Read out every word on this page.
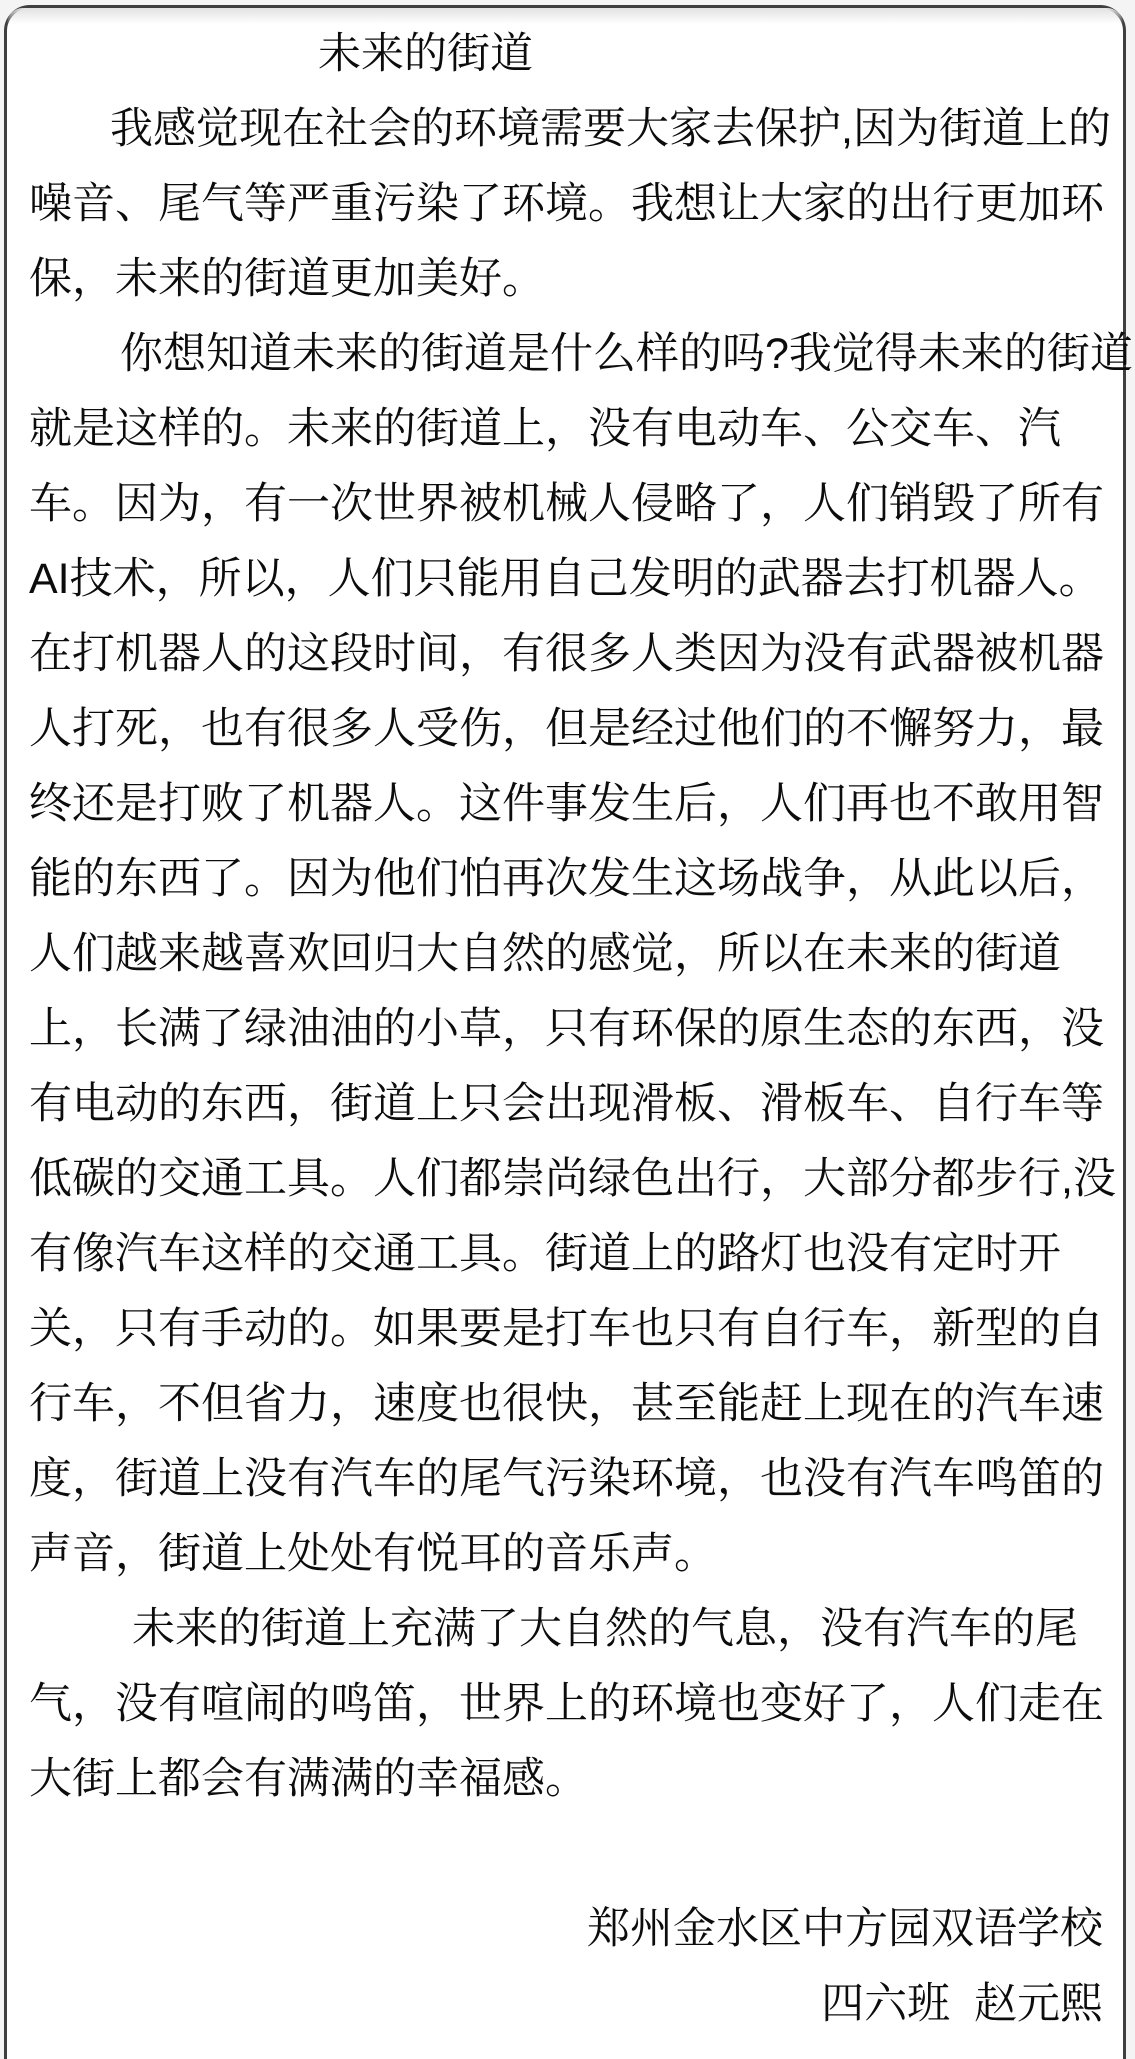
未来的街道
我感觉现在社会的环境需要大家去保护,因为街道上的
噪音、尾气等严重污染了环境。我想让大家的出行更加环
保，未来的街道更加美好。
你想知道未来的街道是什么样的吗?我觉得未来的街道
就是这样的。未来的街道上，没有电动车、公交车、汽
车。因为，有一次世界被机械人侵略了，人们销毁了所有
AI技术，所以，人们只能用自己发明的武器去打机器人。
在打机器人的这段时间，有很多人类因为没有武器被机器
人打死，也有很多人受伤，但是经过他们的不懈努力，最
终还是打败了机器人。这件事发生后，人们再也不敢用智
能的东西了。因为他们怕再次发生这场战争，从此以后，
人们越来越喜欢回归大自然的感觉，所以在未来的街道
上，长满了绿油油的小草，只有环保的原生态的东西，没
有电动的东西，街道上只会出现滑板、滑板车、自行车等
低碳的交通工具。人们都崇尚绿色出行，大部分都步行,没
有像汽车这样的交通工具。街道上的路灯也没有定时开
关，只有手动的。如果要是打车也只有自行车，新型的自
行车，不但省力，速度也很快，甚至能赶上现在的汽车速
度，街道上没有汽车的尾气污染环境，也没有汽车鸣笛的
声音，街道上处处有悦耳的音乐声。
未来的街道上充满了大自然的气息，没有汽车的尾
气，没有喧闹的鸣笛，世界上的环境也变好了，人们走在
大街上都会有满满的幸福感。
郑州金水区中方园双语学校
四六班  赵元熙
